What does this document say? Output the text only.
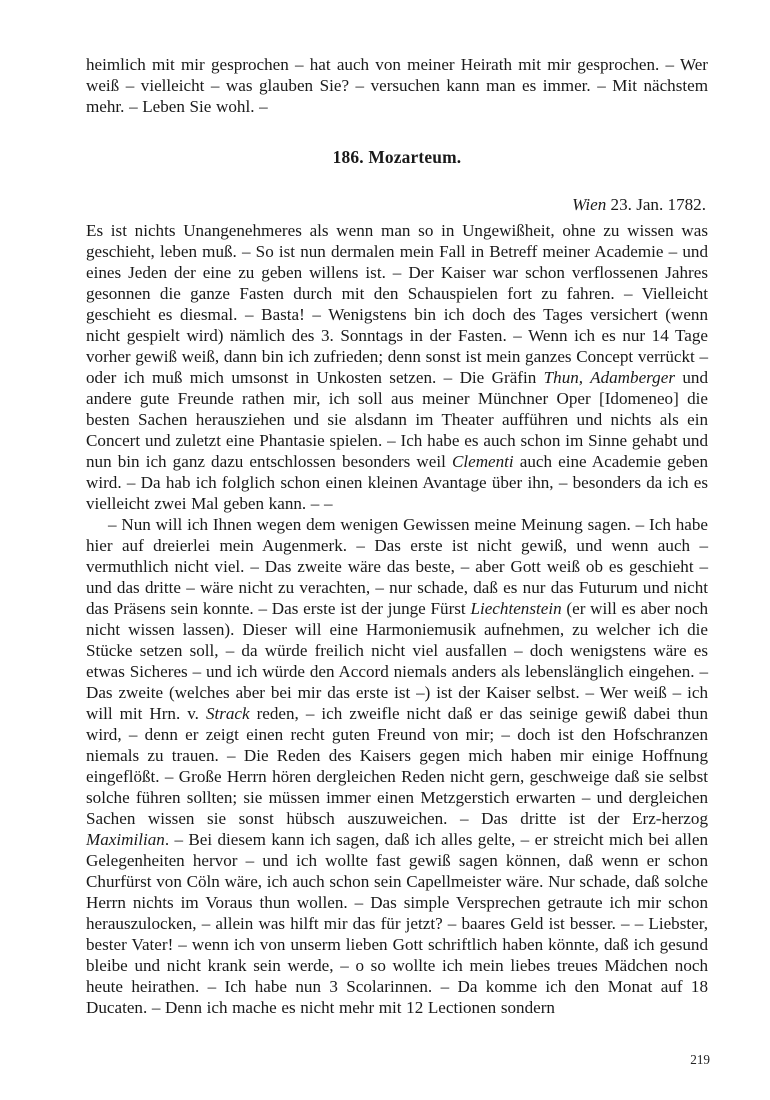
heimlich mit mir gesprochen – hat auch von meiner Heirath mit mir gesprochen. – Wer weiß – vielleicht – was glauben Sie? – versuchen kann man es immer. – Mit nächstem mehr. – Leben Sie wohl. –

186. Mozarteum.

Wien 23. Jan. 1782.

Es ist nichts Unangenehmeres als wenn man so in Ungewißheit, ohne zu wissen was geschieht, leben muß. – So ist nun dermalen mein Fall in Betreff meiner Academie – und eines Jeden der eine zu geben willens ist. – Der Kaiser war schon verflossenen Jahres gesonnen die ganze Fasten durch mit den Schauspielen fort zu fahren. – Vielleicht geschieht es diesmal. – Basta! – Wenigstens bin ich doch des Tages versichert (wenn nicht gespielt wird) nämlich des 3. Sonntags in der Fasten. – Wenn ich es nur 14 Tage vorher gewiß weiß, dann bin ich zufrieden; denn sonst ist mein ganzes Concept verrückt – oder ich muß mich umsonst in Unkosten setzen. – Die Gräfin Thun, Adamberger und andere gute Freunde rathen mir, ich soll aus meiner Münchner Oper [Idomeneo] die besten Sachen herausziehen und sie alsdann im Theater aufführen und nichts als ein Concert und zuletzt eine Phantasie spielen. – Ich habe es auch schon im Sinne gehabt und nun bin ich ganz dazu entschlossen besonders weil Clementi auch eine Academie geben wird. – Da hab ich folglich schon einen kleinen Avantage über ihn, – besonders da ich es vielleicht zwei Mal geben kann. – –

– Nun will ich Ihnen wegen dem wenigen Gewissen meine Meinung sagen. – Ich habe hier auf dreierlei mein Augenmerk. – Das erste ist nicht gewiß, und wenn auch – vermuthlich nicht viel. – Das zweite wäre das beste, – aber Gott weiß ob es geschieht – und das dritte – wäre nicht zu verachten, – nur schade, daß es nur das Futurum und nicht das Präsens sein konnte. – Das erste ist der junge Fürst Liechtenstein (er will es aber noch nicht wissen lassen). Dieser will eine Harmoniemusik aufnehmen, zu welcher ich die Stücke setzen soll, – da würde freilich nicht viel ausfallen – doch wenigstens wäre es etwas Sicheres – und ich würde den Accord niemals anders als lebenslänglich eingehen. – Das zweite (welches aber bei mir das erste ist –) ist der Kaiser selbst. – Wer weiß – ich will mit Hrn. v. Strack reden, – ich zweifle nicht daß er das seinige gewiß dabei thun wird, – denn er zeigt einen recht guten Freund von mir; – doch ist den Hofschranzen niemals zu trauen. – Die Reden des Kaisers gegen mich haben mir einige Hoffnung eingeflößt. – Große Herrn hören dergleichen Reden nicht gern, geschweige daß sie selbst solche führen sollten; sie müssen immer einen Metzgerstich erwarten – und dergleichen Sachen wissen sie sonst hübsch auszuweichen. – Das dritte ist der Erz-herzog Maximilian. – Bei diesem kann ich sagen, daß ich alles gelte, – er streicht mich bei allen Gelegenheiten hervor – und ich wollte fast gewiß sagen können, daß wenn er schon Churfürst von Cöln wäre, ich auch schon sein Capellmeister wäre. Nur schade, daß solche Herrn nichts im Voraus thun wollen. – Das simple Versprechen getraute ich mir schon herauszulocken, – allein was hilft mir das für jetzt? – baares Geld ist besser. – – Liebster, bester Vater! – wenn ich von unserm lieben Gott schriftlich haben könnte, daß ich gesund bleibe und nicht krank sein werde, – o so wollte ich mein liebes treues Mädchen noch heute heirathen. – Ich habe nun 3 Scolarinnen. – Da komme ich den Monat auf 18 Ducaten. – Denn ich mache es nicht mehr mit 12 Lectionen sondern

219
